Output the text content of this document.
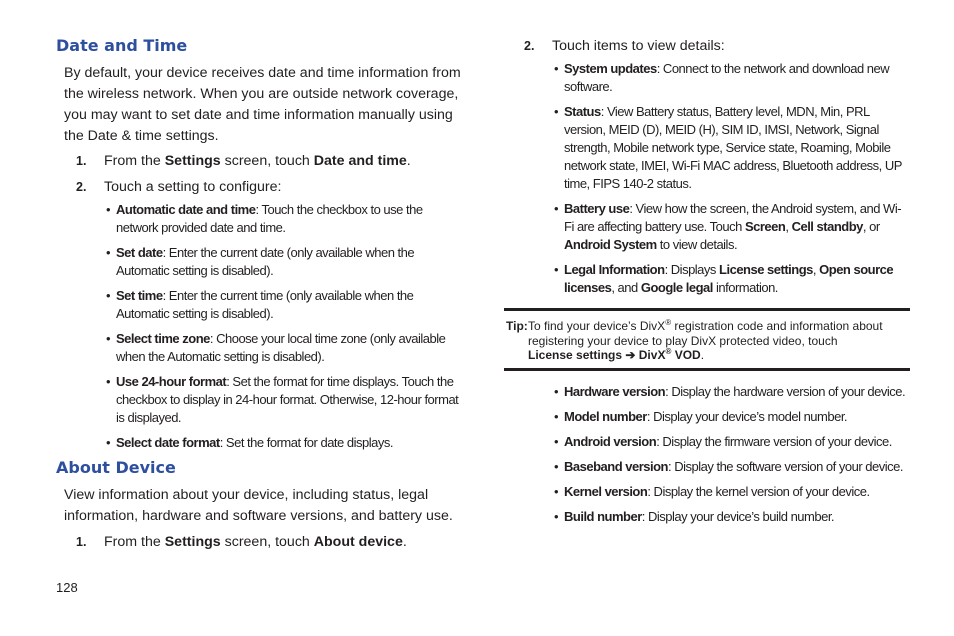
Date and Time

By default, your device receives date and time information from the wireless network. When you are outside network coverage, you may want to set date and time information manually using the Date & time settings.

1. From the Settings screen, touch Date and time.
2. Touch a setting to configure:
• Automatic date and time: Touch the checkbox to use the network provided date and time.
• Set date: Enter the current date (only available when the Automatic setting is disabled).
• Set time: Enter the current time (only available when the Automatic setting is disabled).
• Select time zone: Choose your local time zone (only available when the Automatic setting is disabled).
• Use 24-hour format: Set the format for time displays. Touch the checkbox to display in 24-hour format. Otherwise, 12-hour format is displayed.
• Select date format: Set the format for date displays.
About Device

View information about your device, including status, legal information, hardware and software versions, and battery use.

1. From the Settings screen, touch About device.
2. Touch items to view details:
• System updates: Connect to the network and download new software.
• Status: View Battery status, Battery level, MDN, Min, PRL version, MEID (D), MEID (H), SIM ID, IMSI, Network, Signal strength, Mobile network type, Service state, Roaming, Mobile network state, IMEI, Wi-Fi MAC address, Bluetooth address, UP time, FIPS 140-2 status.
• Battery use: View how the screen, the Android system, and Wi-Fi are affecting battery use. Touch Screen, Cell standby, or Android System to view details.
• Legal Information: Displays License settings, Open source licenses, and Google legal information.
Tip: To find your device’s DivX® registration code and information about registering your device to play DivX protected video, touch
License settings ➔ DivX® VOD.
• Hardware version: Display the hardware version of your device.
• Model number: Display your device’s model number.
• Android version: Display the firmware version of your device.
• Baseband version: Display the software version of your device.
• Kernel version: Display the kernel version of your device.
• Build number: Display your device’s build number.
128
